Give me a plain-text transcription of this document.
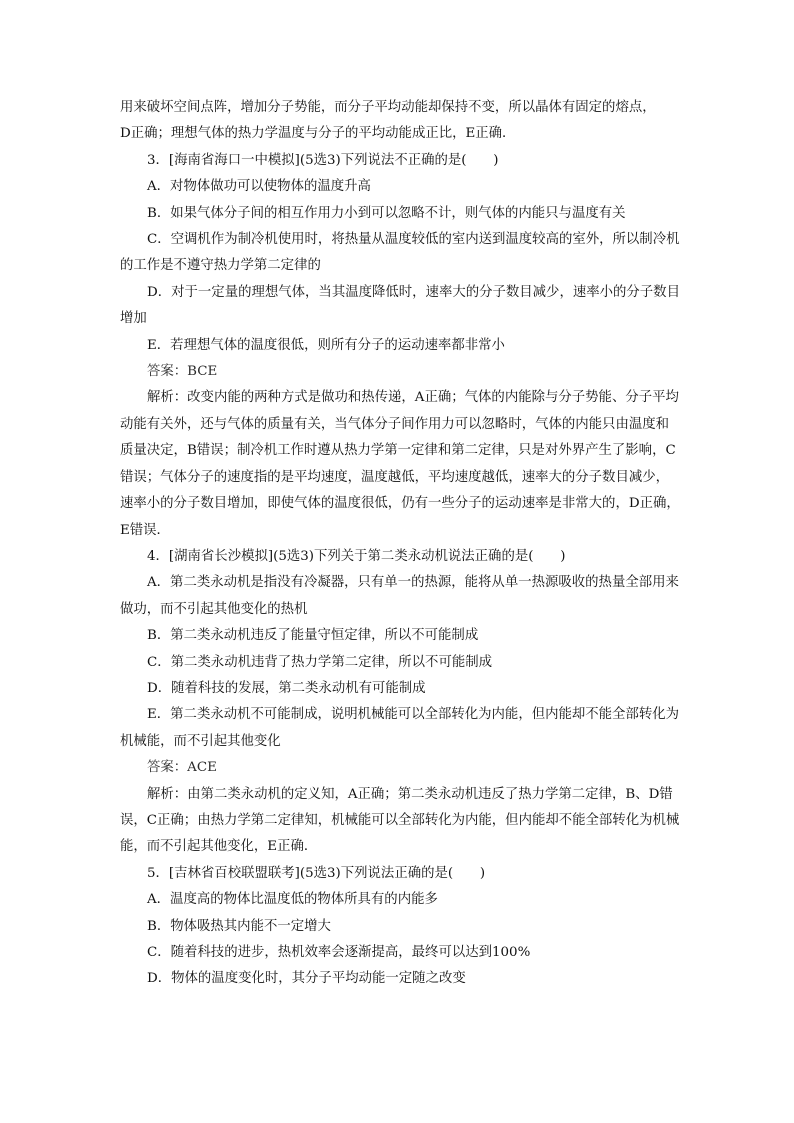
用来破坏空间点阵，增加分子势能，而分子平均动能却保持不变，所以晶体有固定的熔点，

D正确；理想气体的热力学温度与分子的平均动能成正比，E正确．

3．[海南省海口一中模拟](5选3)下列说法不正确的是(　　)

A．对物体做功可以使物体的温度升高

B．如果气体分子间的相互作用力小到可以忽略不计，则气体的内能只与温度有关

C．空调机作为制冷机使用时，将热量从温度较低的室内送到温度较高的室外，所以制冷机的工作是不遵守热力学第二定律的

D．对于一定量的理想气体，当其温度降低时，速率大的分子数目减少，速率小的分子数目增加

E．若理想气体的温度很低，则所有分子的运动速率都非常小

答案：BCE

解析：改变内能的两种方式是做功和热传递，A正确；气体的内能除与分子势能、分子平均动能有关外，还与气体的质量有关，当气体分子间作用力可以忽略时，气体的内能只由温度和质量决定，B错误；制冷机工作时遵从热力学第一定律和第二定律，只是对外界产生了影响，C错误；气体分子的速度指的是平均速度，温度越低，平均速度越低，速率大的分子数目减少，速率小的分子数目增加，即使气体的温度很低，仍有一些分子的运动速率是非常大的，D正确，E错误．

4．[湖南省长沙模拟](5选3)下列关于第二类永动机说法正确的是(　　)

A．第二类永动机是指没有冷凝器，只有单一的热源，能将从单一热源吸收的热量全部用来做功，而不引起其他变化的热机

B．第二类永动机违反了能量守恒定律，所以不可能制成

C．第二类永动机违背了热力学第二定律，所以不可能制成

D．随着科技的发展，第二类永动机有可能制成

E．第二类永动机不可能制成，说明机械能可以全部转化为内能，但内能却不能全部转化为机械能，而不引起其他变化

答案：ACE

解析：由第二类永动机的定义知，A正确；第二类永动机违反了热力学第二定律，B、D错误，C正确；由热力学第二定律知，机械能可以全部转化为内能，但内能却不能全部转化为机械能，而不引起其他变化，E正确．

5．[吉林省百校联盟联考](5选3)下列说法正确的是(　　)

A．温度高的物体比温度低的物体所具有的内能多

B．物体吸热其内能不一定增大

C．随着科技的进步，热机效率会逐渐提高，最终可以达到100%

D．物体的温度变化时，其分子平均动能一定随之改变
